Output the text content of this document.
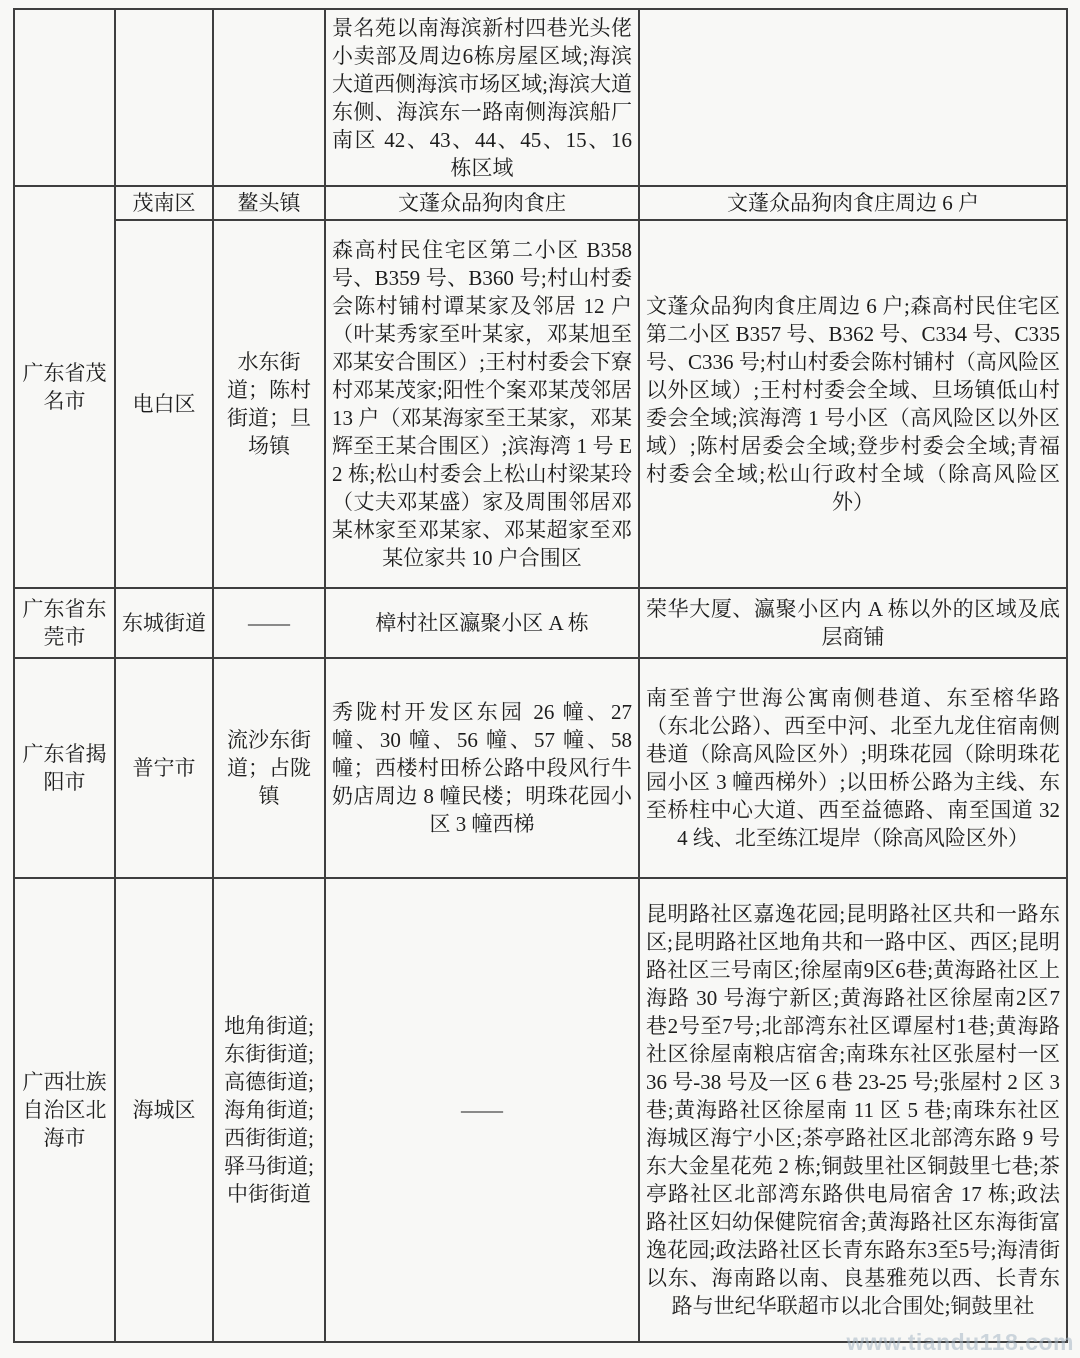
			景名苑以南海滨新村四巷光头佬小卖部及周边6栋房屋区域;海滨大道西侧海滨市场区域;海滨大道东侧、海滨东一路南侧海滨船厂南区 42、43、44、45、15、16 栋区域	
广东省茂名市	茂南区	鳌头镇	文蓬众品狗肉食庄	文蓬众品狗肉食庄周边 6 户
	电白区	水东街道；陈村街道；旦场镇	森高村民住宅区第二小区 B358 号、B359 号、B360 号;村山村委会陈村铺村谭某家及邻居 12 户（叶某秀家至叶某家，邓某旭至邓某安合围区）;王村村委会下寮村邓某茂家;阳性个案邓某茂邻居 13 户（邓某海家至王某家，邓某辉至王某合围区）;滨海湾 1 号 E2 栋;松山村委会上松山村梁某玲（丈夫邓某盛）家及周围邻居邓某林家至邓某家、邓某超家至邓某位家共 10 户合围区	文蓬众品狗肉食庄周边 6 户;森高村民住宅区第二小区 B357 号、B362 号、C334 号、C335 号、C336 号;村山村委会陈村铺村（高风险区以外区域）;王村村委会全域、旦场镇低山村委会全域;滨海湾 1 号小区（高风险区以外区域）;陈村居委会全域;登步村委会全域;青福村委会全域;松山行政村全域（除高风险区外）
广东省东莞市	东城街道	——	樟村社区瀛聚小区 A 栋	荣华大厦、瀛聚小区内 A 栋以外的区域及底层商铺
广东省揭阳市	普宁市	流沙东街道；占陇镇	秀陇村开发区东园 26 幢、27 幢、30 幢、56 幢、57 幢、58 幢；西楼村田桥公路中段风行牛奶店周边 8 幢民楼；明珠花园小区 3 幢西梯	南至普宁世海公寓南侧巷道、东至榕华路（东北公路）、西至中河、北至九龙住宿南侧巷道（除高风险区外）;明珠花园（除明珠花园小区 3 幢西梯外）;以田桥公路为主线、东至桥柱中心大道、西至益德路、南至国道 324 线、北至练江堤岸（除高风险区外）
广西壮族自治区北海市	海城区	地角街道;东街街道;高德街道;海角街道;西街街道;驿马街道;中街街道	——	昆明路社区嘉逸花园;昆明路社区共和一路东区;昆明路社区地角共和一路中区、西区;昆明路社区三号南区;徐屋南9区6巷;黄海路社区上海路 30 号海宁新区;黄海路社区徐屋南2区7巷2号至7号;北部湾东社区谭屋村1巷;黄海路社区徐屋南粮店宿舍;南珠东社区张屋村一区 36 号-38 号及一区 6 巷 23-25 号;张屋村 2 区 3 巷;黄海路社区徐屋南 11 区 5 巷;南珠东社区海城区海宁小区;茶亭路社区北部湾东路 9 号东大金星花苑 2 栋;铜鼓里社区铜鼓里七巷;茶亭路社区北部湾东路供电局宿舍 17 栋;政法路社区妇幼保健院宿舍;黄海路社区东海街富逸花园;政法路社区长青东路东3至5号;海清街以东、海南路以南、良基雅苑以西、长青东路与世纪华联超市以北合围处;铜鼓里社
www.tiandu118.com
